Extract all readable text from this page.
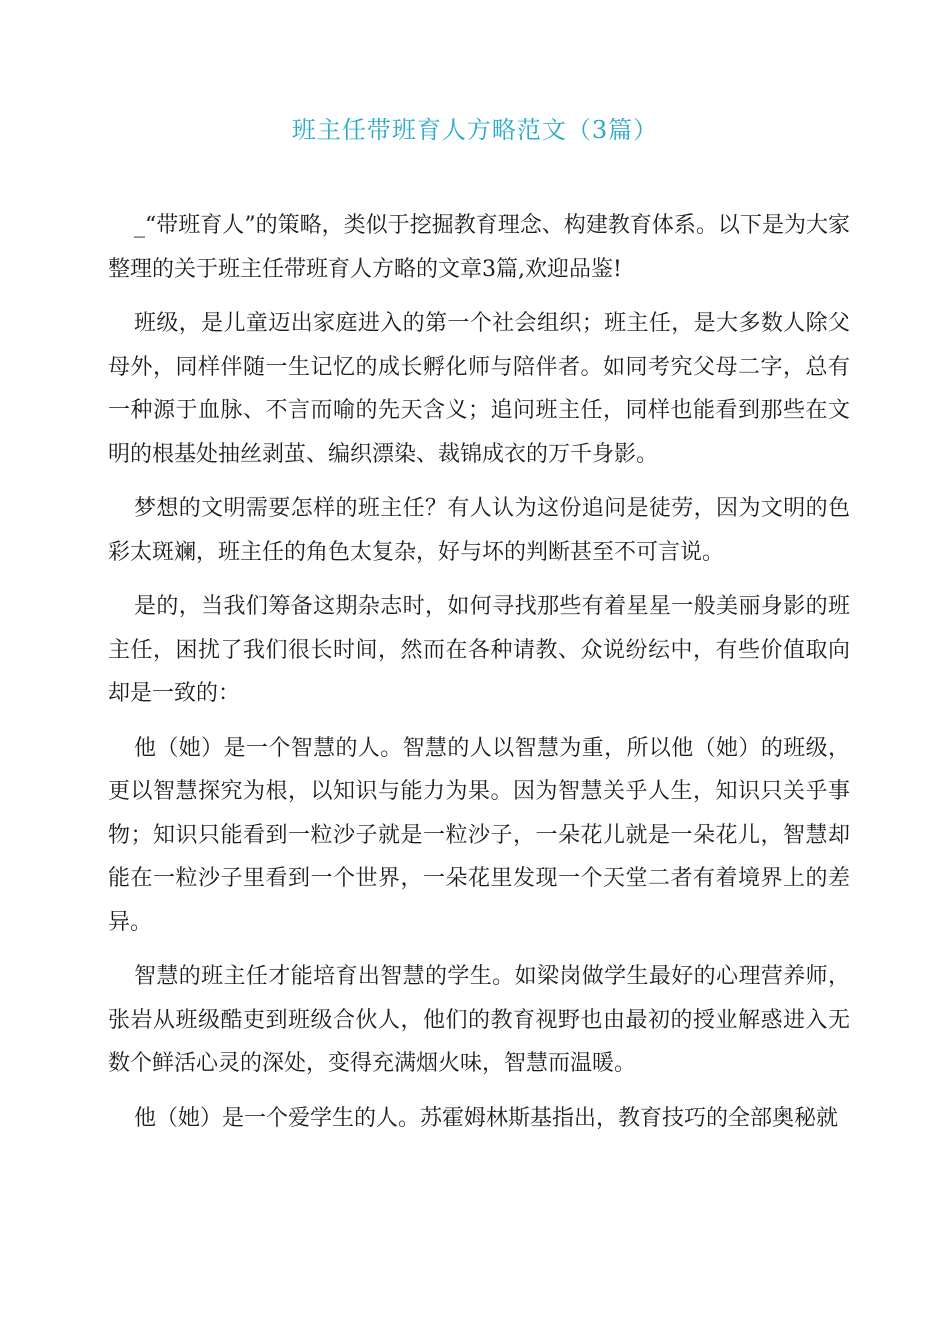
班主任带班育人方略范文（3篇）

_“带班育人”的策略，类似于挖掘教育理念、构建教育体系。以下是为大家整理的关于班主任带班育人方略的文章3篇,欢迎品鉴!

班级，是儿童迈出家庭进入的第一个社会组织；班主任，是大多数人除父母外，同样伴随一生记忆的成长孵化师与陪伴者。如同考究父母二字，总有一种源于血脉、不言而喻的先天含义；追问班主任，同样也能看到那些在文明的根基处抽丝剥茧、编织漂染、裁锦成衣的万千身影。

梦想的文明需要怎样的班主任？有人认为这份追问是徒劳，因为文明的色彩太斑斓，班主任的角色太复杂，好与坏的判断甚至不可言说。

是的，当我们筹备这期杂志时，如何寻找那些有着星星一般美丽身影的班主任，困扰了我们很长时间，然而在各种请教、众说纷纭中，有些价值取向却是一致的：

他（她）是一个智慧的人。智慧的人以智慧为重，所以他（她）的班级，更以智慧探究为根，以知识与能力为果。因为智慧关乎人生，知识只关乎事物；知识只能看到一粒沙子就是一粒沙子，一朵花儿就是一朵花儿，智慧却能在一粒沙子里看到一个世界，一朵花里发现一个天堂二者有着境界上的差异。

智慧的班主任才能培育出智慧的学生。如梁岗做学生最好的心理营养师，张岩从班级酷吏到班级合伙人，他们的教育视野也由最初的授业解惑进入无数个鲜活心灵的深处，变得充满烟火味，智慧而温暖。

他（她）是一个爱学生的人。苏霍姆林斯基指出，教育技巧的全部奥秘就
